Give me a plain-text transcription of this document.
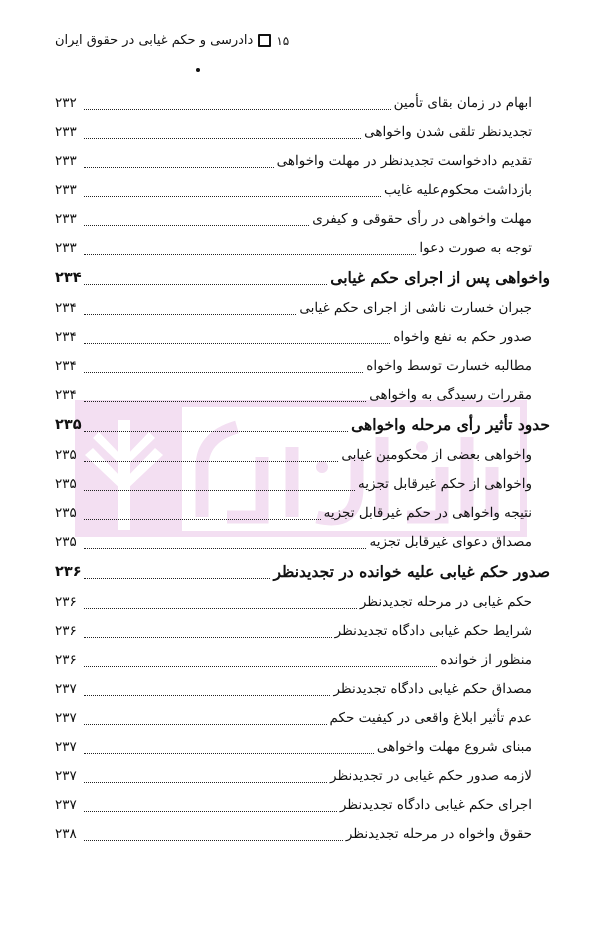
دادرسی و حکم غیابی در حقوق ایران ۱۵
ابهام در زمان بقای تأمین
۲۳۲
تجدیدنظر تلقی شدن واخواهی
۲۳۳
تقدیم دادخواست تجدیدنظر در مهلت واخواهی
۲۳۳
بازداشت محکوم‌علیه غایب
۲۳۳
مهلت واخواهی در رأی حقوقی و کیفری
۲۳۳
توجه به صورت دعوا
۲۳۳
واخواهی پس از اجرای حکم غیابی
۲۳۴
جبران خسارت ناشی از اجرای حکم غیابی
۲۳۴
صدور حکم به نفع واخواه
۲۳۴
مطالبه خسارت توسط واخواه
۲۳۴
مقررات رسیدگی به واخواهی
۲۳۴
حدود تأثیر رأی مرحله واخواهی
۲۳۵
واخواهی بعضی از محکومین غیابی
۲۳۵
واخواهی از حکم غیرقابل تجزیه
۲۳۵
نتیجه واخواهی در حکم غیرقابل تجزیه
۲۳۵
مصداق دعوای غیرقابل تجزیه
۲۳۵
صدور حکم غیابی علیه خوانده در تجدیدنظر
۲۳۶
حکم غیابی در مرحله تجدیدنظر
۲۳۶
شرایط حکم غیابی دادگاه تجدیدنظر
۲۳۶
منظور از خوانده
۲۳۶
مصداق حکم غیابی دادگاه تجدیدنظر
۲۳۷
عدم تأثیر ابلاغ واقعی در کیفیت حکم
۲۳۷
مبنای شروع مهلت واخواهی
۲۳۷
لازمه صدور حکم غیابی در تجدیدنظر
۲۳۷
اجرای حکم غیابی دادگاه تجدیدنظر
۲۳۷
حقوق واخواه در مرحله تجدیدنظر
۲۳۸
